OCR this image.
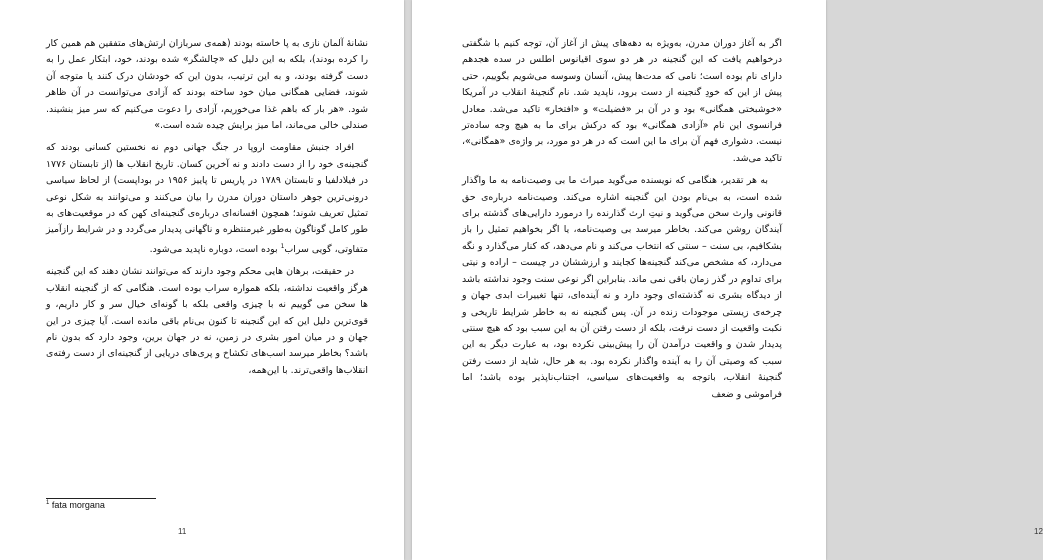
نشانهٔ آلمان نازی به پا خاسته بودند (همه‌ی سربازان ارتش‌های متفقین هم همین کار را کرده بودند)، بلکه به این دلیل که «چالشگر» شده بودند، خود، ابتکار عمل را به دست گرفته بودند، و به این ترتیب، بدون این که خودشان درک کنند یا متوجه آن شوند، فضایی همگانی میان خود ساخته بودند که آزادی می‌توانست در آن ظاهر شود. «هر بار که باهم غذا می‌خوریم، آزادی را دعوت می‌کنیم که سر میز بنشیند. صندلی خالی می‌ماند، اما میز برایش چیده شده است.»

افراد جنبش مقاومت اروپا در جنگ جهانی دوم نه نخستین کسانی بودند که گنجینه‌ی خود را از دست دادند و نه آخرین کسان. تاریخ انقلاب ها (از تابستان ۱۷۷۶ در فیلادلفیا و تابستان ۱۷۸۹ در پاریس تا پاییز ۱۹۵۶ در بوداپست) از لحاظ سیاسی درونی‌ترین جوهر داستان دوران مدرن را بیان می‌کنند و می‌توانند به شکل نوعی تمثیل تعریف شوند؛ همچون افسانه‌ای درباره‌ی گنجینه‌ای کهن که در موقعیت‌های به طور کامل گوناگون به‌طور غیرمنتظره و ناگهانی پدیدار می‌گردد و در شرایط رازآمیز متفاوتی، گویی سراب$^1$ بوده است، دوباره ناپدید می‌شود.

در حقیقت، برهان هایی محکم وجود دارند که می‌توانند نشان دهند که این گنجینه هرگز واقعیت نداشته، بلکه همواره سراب بوده است. هنگامی که از گنجینه انقلاب ها سخن می گوییم نه با چیزی واقعی بلکه با گونه‌ای خیال سر و کار داریم، و قوی‌ترین دلیل این که این گنجینه تا کنون بی‌نام باقی مانده است. آیا چیزی در این جهان و در میان امور بشری در زمین، نه در جهان برین، وجود دارد که بدون نام باشد؟ بخاطر میرسد اسب‌های تکشاخ و پری‌های دریایی از گنجینه‌ای از دست رفته‌ی انقلاب‌ها واقعی‌ترند. با این‌همه،

$^1$ fata morgana
11

اگر به آغاز دوران مدرن، به‌ویژه به دهه‌های پیش از آغاز آن، توجه کنیم با شگفتی درخواهیم یافت که این گنجینه در هر دو سوی اقیانوس اطلس در سده هجدهم دارای نام بوده است؛ نامی که مدت‌ها پیش، آنسان وسوسه می‌شویم بگوییم، حتی پیش از این که خودِ گنجینه از دست برود، ناپدید شد. نام گنجینهٔ انقلاب در آمریکا «خوشبختی همگانی» بود و در آن بر «فضیلت» و «افتخار» تاکید می‌شد. معادل فرانسوی این نام «آزادی همگانی» بود که درکش برای ما به هیچ وجه ساده‌تر نیست. دشواری فهم آن برای ما این است که در هر دو مورد، بر واژه‌ی «همگانی»، تاکید می‌شد.

به هر تقدیر، هنگامی که نویسنده می‌گوید میراث ما بی وصیت‌نامه به ما واگذار شده است، به بی‌نام بودن این گنجینه اشاره می‌کند. وصیت‌نامه درباره‌ی حق قانونی وارث سخن می‌گوید و نیتِ ارث گذارنده را درمورد دارایی‌های گذشته برای آیندگان روشن می‌کند. بخاطر میرسد بی وصیت‌نامه، یا اگر بخواهیم تمثیل را باز بشکافیم، بی سنت – سنتی که انتخاب می‌کند و نام می‌دهد، که کنار می‌گذارد و نگه می‌دارد، که مشخص می‌کند گنجینه‌ها کجایند و ارزششان در چیست – اراده و نیتی برای تداوم در گذر زمان باقی نمی ماند. بنابراین اگر نوعی سنت وجود نداشته باشد از دیدگاه بشری نه گذشته‌ای وجود دارد و نه آینده‌ای، تنها تغییرات ابدی جهان و چرخه‌ی زیستی موجودات زنده در آن. پس گنجینه نه به خاطر شرایط تاریخی و نکبت واقعیت از دست نرفت، بلکه از دست رفتن آن به این سبب بود که هیچ سنتی پدیدار شدن و واقعیت درآمدن آن را پیش‌بینی نکرده بود، به عبارت دیگر به این سبب که وصیتی آن را به آینده واگذار نکرده بود. به هر حال، شاید از دست رفتن گنجینهٔ انقلاب، باتوجه به واقعیت‌های سیاسی، اجتناب‌ناپذیر بوده باشد؛ اما فراموشی و ضعف

12
